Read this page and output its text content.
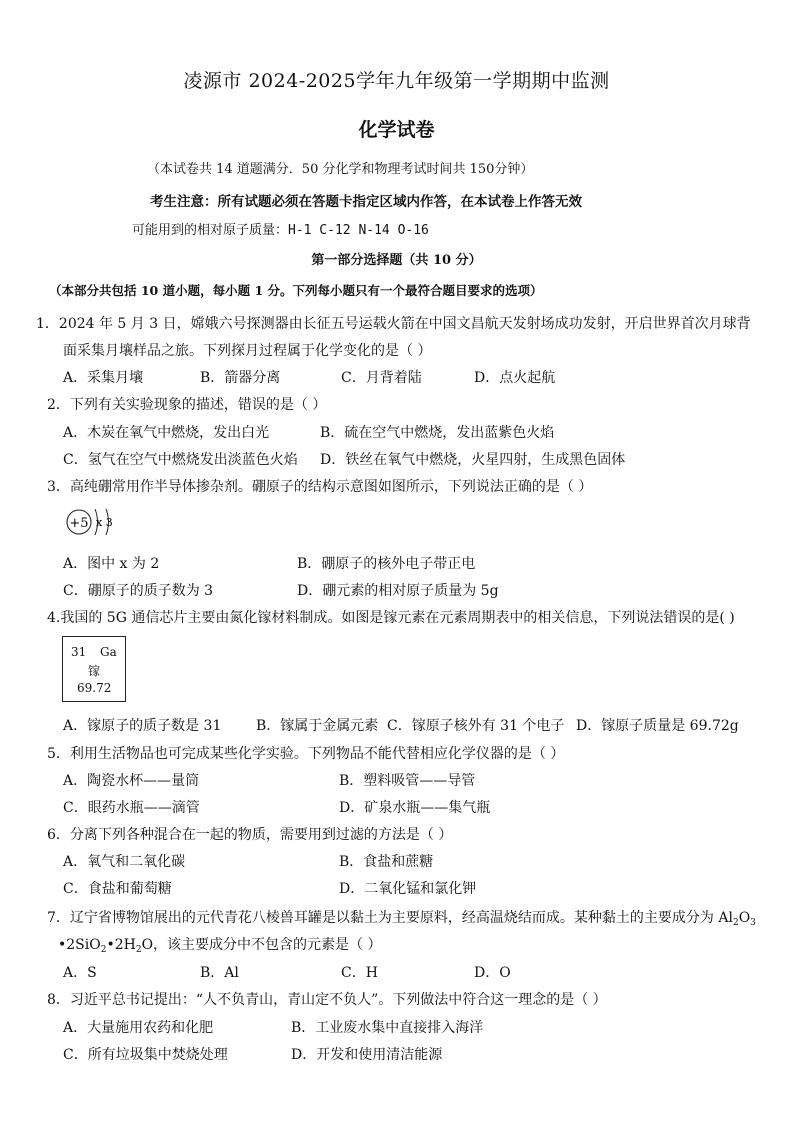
凌源市 2024-2025学年九年级第一学期期中监测
化学试卷
（本试卷共 14 道题满分．50 分化学和物理考试时间共 150分钟）
考生注意：所有试题必须在答题卡指定区域内作答，在本试卷上作答无效
可能用到的相对原子质量：H-1 C-12 N-14 O-16
第一部分选择题（共 10 分）
（本部分共包括 10 道小题，每小题 1 分。下列每小题只有一个最符合题目要求的选项）
1．2024 年 5 月 3 日，嫦娥六号探测器由长征五号运载火箭在中国文昌航天发射场成功发射，开启世界首次月球背
面采集月壤样品之旅。下列探月过程属于化学变化的是（ ）
A．采集月壤	B．箭器分离	C．月背着陆	D．点火起航
2．下列有关实验现象的描述，错误的是（ ）
A．木炭在氧气中燃烧，发出白光	B．硫在空气中燃烧，发出蓝紫色火焰
C．氢气在空气中燃烧发出淡蓝色火焰 D．铁丝在氧气中燃烧，火星四射，生成黑色固体
3．高纯硼常用作半导体掺杂剂。硼原子的结构示意图如图所示，下列说法正确的是（ ）
+5 x 3
A．图中 x 为 2	B．硼原子的核外电子带正电
C．硼原子的质子数为 3	D．硼元素的相对原子质量为 5g
4.我国的 5G 通信芯片主要由氮化镓材料制成。如图是镓元素在元素周期表中的相关信息，下列说法错误的是( )
31 Ga
镓
69.72
A．镓原子的质子数是 31 B．镓属于金属元素 C．镓原子核外有 31 个电子 D．镓原子质量是 69.72g
5．利用生活物品也可完成某些化学实验。下列物品不能代替相应化学仪器的是（ ）
A．陶瓷水杯——量筒	B．塑料吸管——导管
C．眼药水瓶——滴管	D．矿泉水瓶——集气瓶
6．分离下列各种混合在一起的物质，需要用到过滤的方法是（ ）
A．氧气和二氧化碳	B．食盐和蔗糖
C．食盐和葡萄糖	D．二氧化锰和氯化钾
7．辽宁省博物馆展出的元代青花八棱兽耳罐是以黏土为主要原料，经高温烧结而成。某种黏土的主要成分为 $Al_2O_3$
$•2SiO_2•2H_2O$，该主要成分中不包含的元素是（ ）
A．S	B．Al	C．H	D．O
8．习近平总书记提出：“人不负青山，青山定不负人”。下列做法中符合这一理念的是（ ）
A．大量施用农药和化肥	B．工业废水集中直接排入海洋
C．所有垃圾集中焚烧处理	D．开发和使用清洁能源
